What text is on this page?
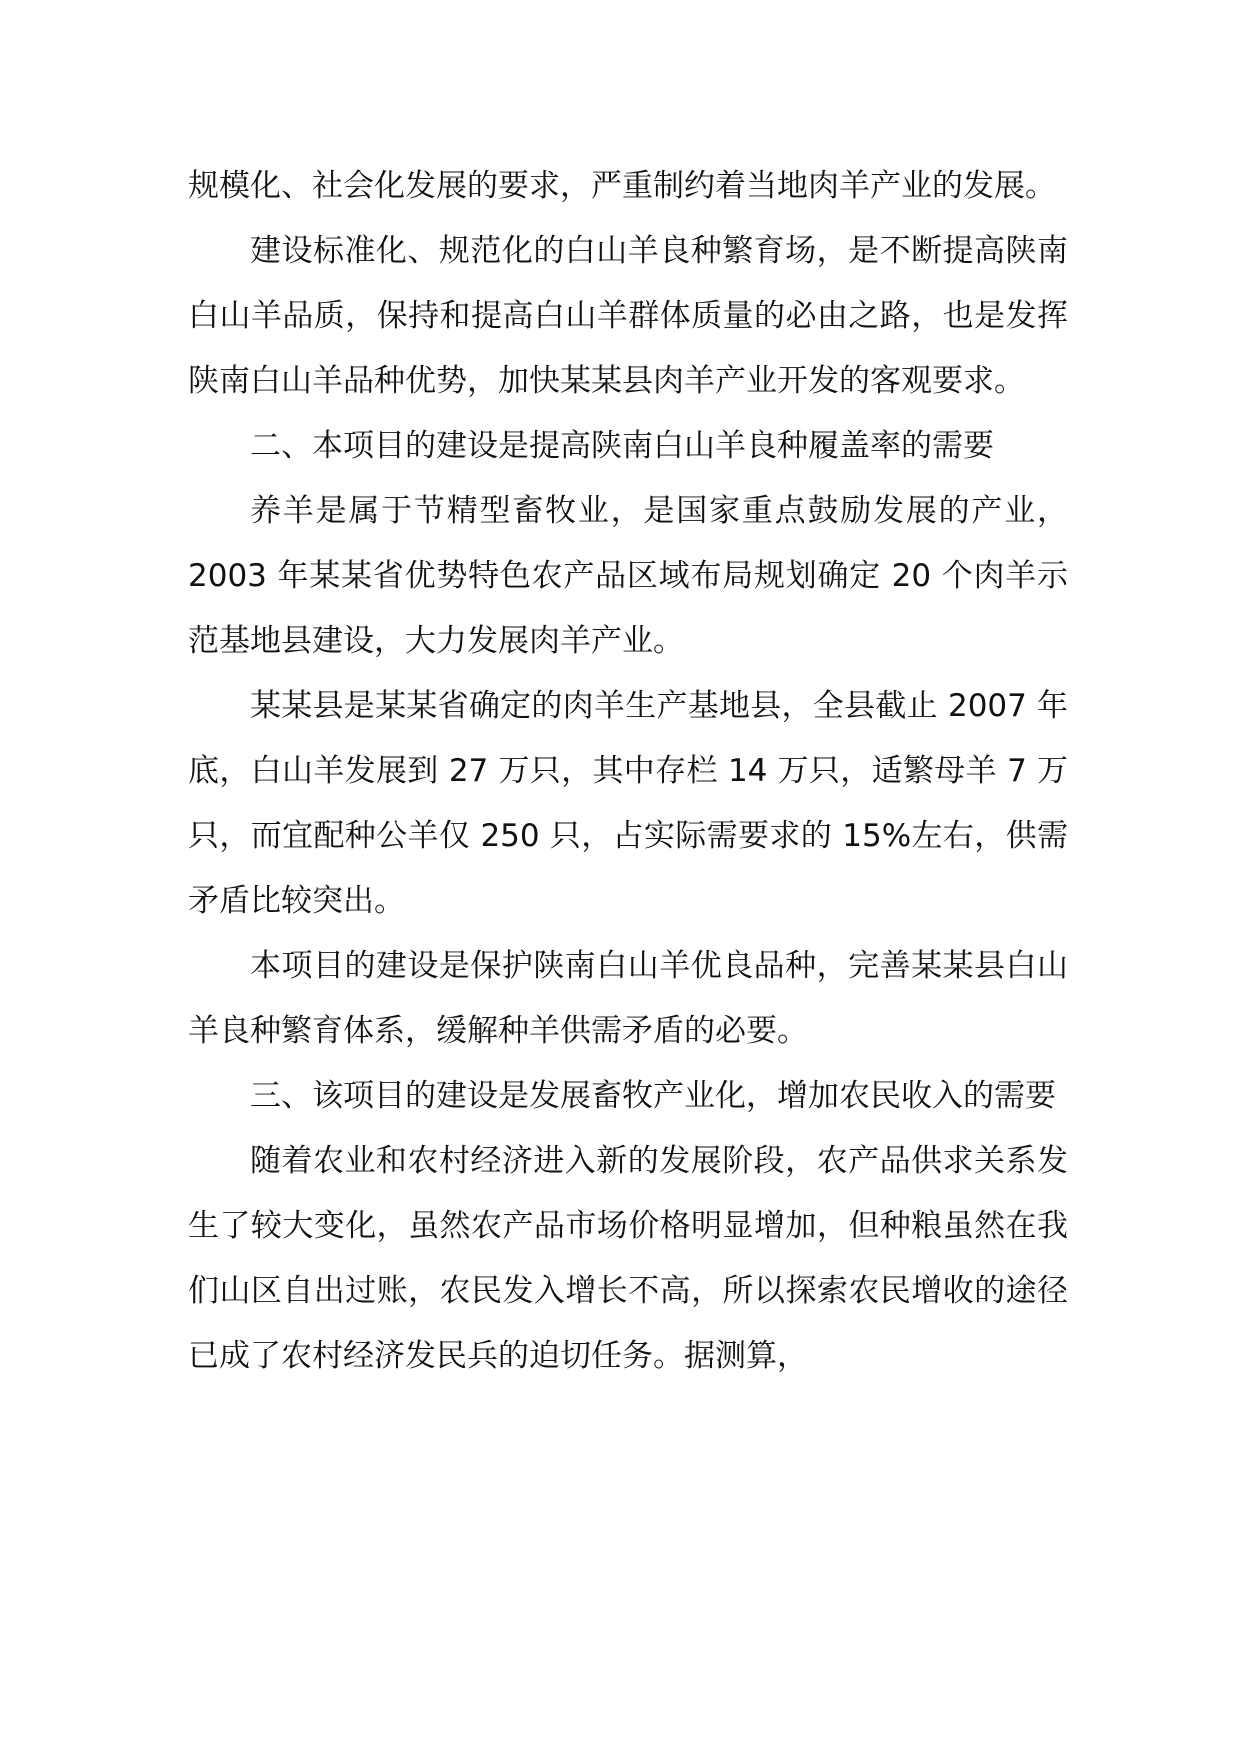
规模化、社会化发展的要求，严重制约着当地肉羊产业的发展。

建设标准化、规范化的白山羊良种繁育场，是不断提高陕南白山羊品质，保持和提高白山羊群体质量的必由之路，也是发挥陕南白山羊品种优势，加快某某县肉羊产业开发的客观要求。

二、本项目的建设是提高陕南白山羊良种履盖率的需要

养羊是属于节精型畜牧业，是国家重点鼓励发展的产业，2003 年某某省优势特色农产品区域布局规划确定 20 个肉羊示范基地县建设，大力发展肉羊产业。

某某县是某某省确定的肉羊生产基地县，全县截止 2007 年底，白山羊发展到 27 万只，其中存栏 14 万只，适繁母羊 7 万只，而宜配种公羊仅 250 只，占实际需要求的 15%左右，供需矛盾比较突出。

本项目的建设是保护陕南白山羊优良品种，完善某某县白山羊良种繁育体系，缓解种羊供需矛盾的必要。

三、该项目的建设是发展畜牧产业化，增加农民收入的需要

随着农业和农村经济进入新的发展阶段，农产品供求关系发生了较大变化，虽然农产品市场价格明显增加，但种粮虽然在我们山区自出过账，农民发入增长不高，所以探索农民增收的途径已成了农村经济发民兵的迫切任务。据测算，
